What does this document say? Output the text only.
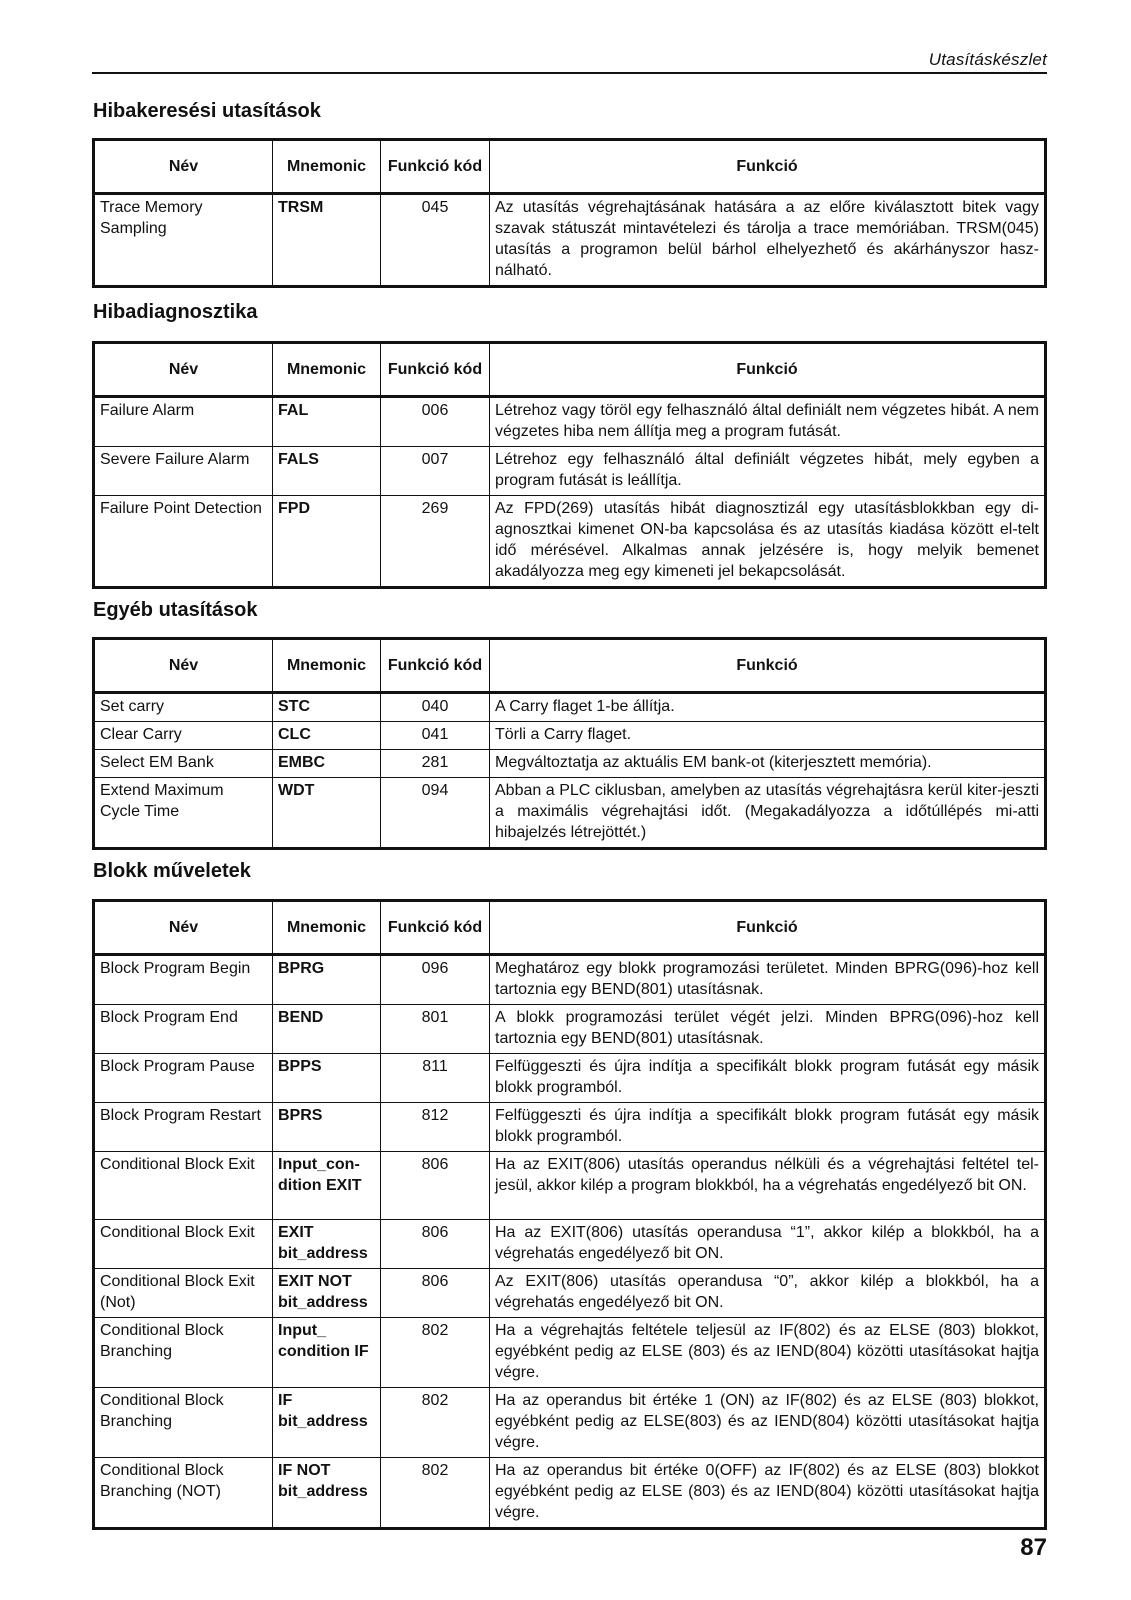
Utasításkészlet
Hibakeresési utasítások
Név	Mnemonic	Funkció kód	Funkció
Trace Memory Sampling	TRSM	045	Az utasítás végrehajtásának hatására a az előre kiválasztott bitek vagy szavak státuszát mintavételezi és tárolja a trace memóriában. TRSM(045) utasítás a programon belül bárhol elhelyezhető és akárhányszor hasz-nálható.
Hibadiagnosztika
Név	Mnemonic	Funkció kód	Funkció
Failure Alarm	FAL	006	Létrehoz vagy töröl egy felhasználó által definiált nem végzetes hibát. A nem végzetes hiba nem állítja meg a program futását.
Severe Failure Alarm	FALS	007	Létrehoz egy felhasználó által definiált végzetes hibát, mely egyben a program futását is leállítja.
Failure Point Detection	FPD	269	Az FPD(269) utasítás hibát diagnosztizál egy utasításblokkban egy di-agnosztkai kimenet ON-ba kapcsolása és az utasítás kiadása között el-telt idő mérésével. Alkalmas annak jelzésére is, hogy melyik bemenet akadályozza meg egy kimeneti jel bekapcsolását.
Egyéb utasítások
Név	Mnemonic	Funkció kód	Funkció
Set carry	STC	040	A Carry flaget 1-be állítja.
Clear Carry	CLC	041	Törli a Carry flaget.
Select EM Bank	EMBC	281	Megváltoztatja az aktuális EM bank-ot (kiterjesztett memória).
Extend Maximum Cycle Time	WDT	094	Abban a PLC ciklusban, amelyben az utasítás végrehajtásra kerül kiter-jeszti a maximális végrehajtási időt. (Megakadályozza a időtúllépés mi-atti hibajelzés létrejöttét.)
Blokk műveletek
Név	Mnemonic	Funkció kód	Funkció
Block Program Begin	BPRG	096	Meghatároz egy blokk programozási területet. Minden BPRG(096)-hoz kell tartoznia egy BEND(801) utasításnak.
Block Program End	BEND	801	A blokk programozási terület végét jelzi. Minden BPRG(096)-hoz kell tartoznia egy BEND(801) utasításnak.
Block Program Pause	BPPS	811	Felfüggeszti és újra indítja a specifikált blokk program futását egy másik blokk programból.
Block Program Restart	BPRS	812	Felfüggeszti és újra indítja a specifikált blokk program futását egy másik blokk programból.
Conditional Block Exit	Input_con-dition EXIT	806	Ha az EXIT(806) utasítás operandus nélküli és a végrehajtási feltétel tel-jesül, akkor kilép a program blokkból, ha a végrehatás engedélyező bit ON.
Conditional Block Exit	EXIT bit_address	806	Ha az EXIT(806) utasítás operandusa “1”, akkor kilép a blokkból, ha a végrehatás engedélyező bit ON.
Conditional Block Exit (Not)	EXIT NOT bit_address	806	Az EXIT(806) utasítás operandusa “0”, akkor kilép a blokkból, ha a végrehatás engedélyező bit ON.
Conditional Block Branching	Input_ condition IF	802	Ha a végrehajtás feltétele teljesül az IF(802) és az ELSE (803) blokkot, egyébként pedig az ELSE (803) és az IEND(804) közötti utasításokat hajtja végre.
Conditional Block Branching	IF bit_address	802	Ha az operandus bit értéke 1 (ON) az IF(802) és az ELSE (803) blokkot, egyébként pedig az ELSE(803) és az IEND(804) közötti utasításokat hajtja végre.
Conditional Block Branching (NOT)	IF NOT bit_address	802	Ha az operandus bit értéke 0(OFF) az IF(802) és az ELSE (803) blokkot egyébként pedig az ELSE (803) és az IEND(804) közötti utasításokat hajtja végre.
87
